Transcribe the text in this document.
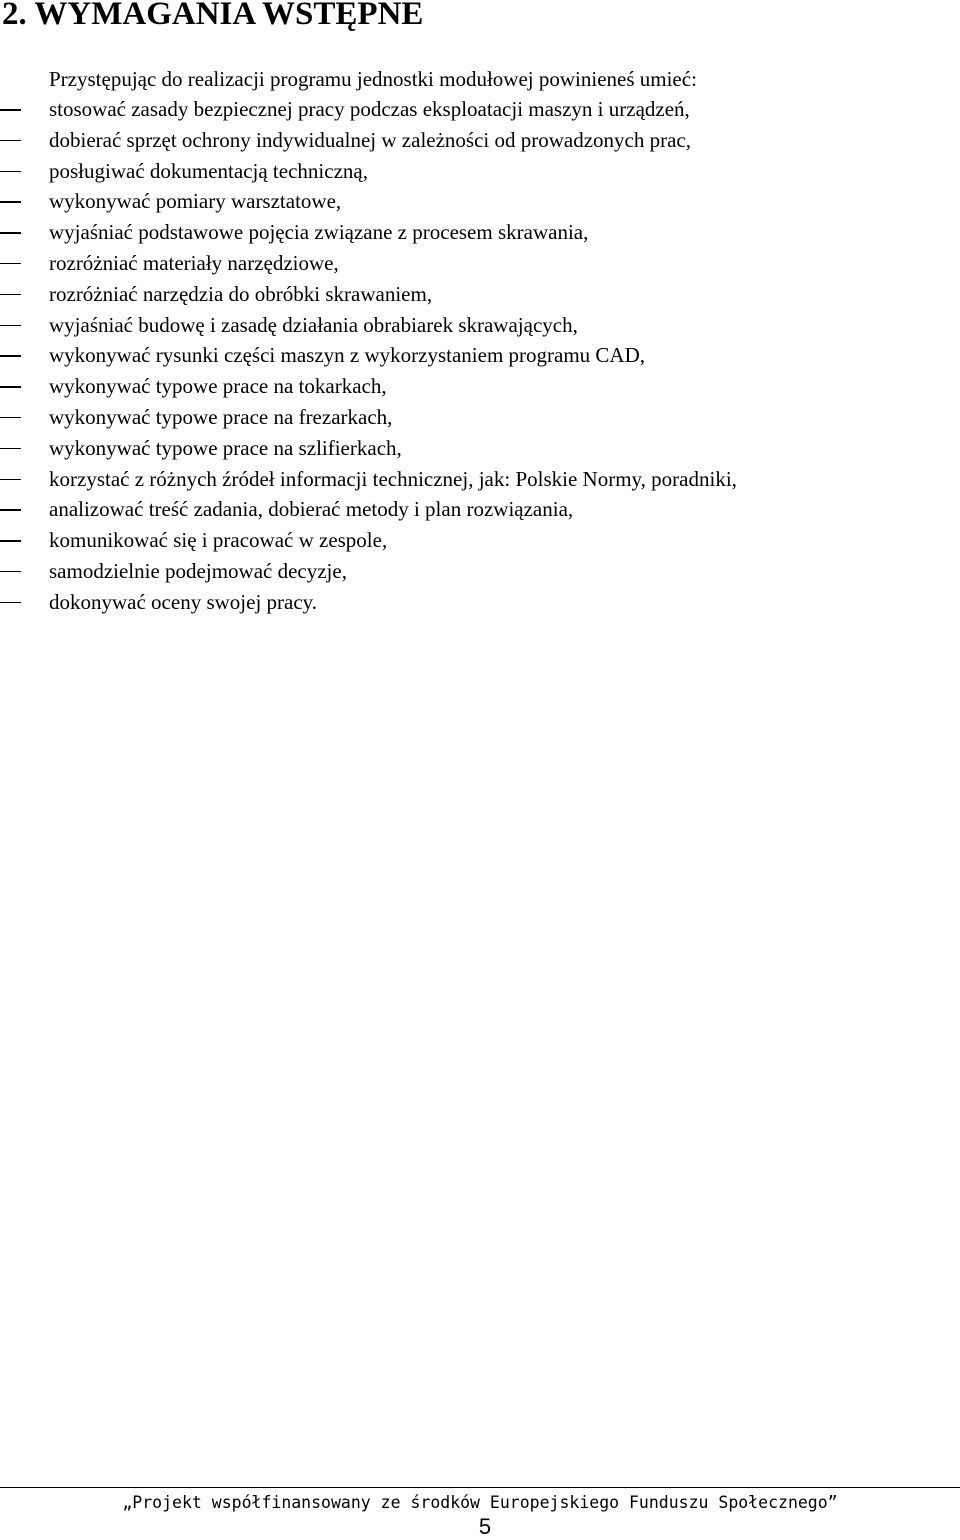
2. WYMAGANIA WSTĘPNE
Przystępując do realizacji programu jednostki modułowej powinieneś umieć:
stosować zasady bezpiecznej pracy podczas eksploatacji maszyn i urządzeń,
dobierać sprzęt ochrony indywidualnej w zależności od prowadzonych prac,
posługiwać dokumentacją techniczną,
wykonywać pomiary warsztatowe,
wyjaśniać podstawowe pojęcia związane z procesem skrawania,
rozróżniać materiały narzędziowe,
rozróżniać narzędzia do obróbki skrawaniem,
wyjaśniać budowę i zasadę działania obrabiarek skrawających,
wykonywać rysunki części maszyn z wykorzystaniem programu CAD,
wykonywać typowe prace na tokarkach,
wykonywać typowe prace na frezarkach,
wykonywać typowe prace na szlifierkach,
korzystać z różnych źródeł informacji technicznej, jak: Polskie Normy, poradniki,
analizować treść zadania, dobierać metody i plan rozwiązania,
komunikować się i pracować w zespole,
samodzielnie podejmować decyzje,
dokonywać oceny swojej pracy.
„Projekt współfinansowany ze środków Europejskiego Funduszu Społecznego”
5
